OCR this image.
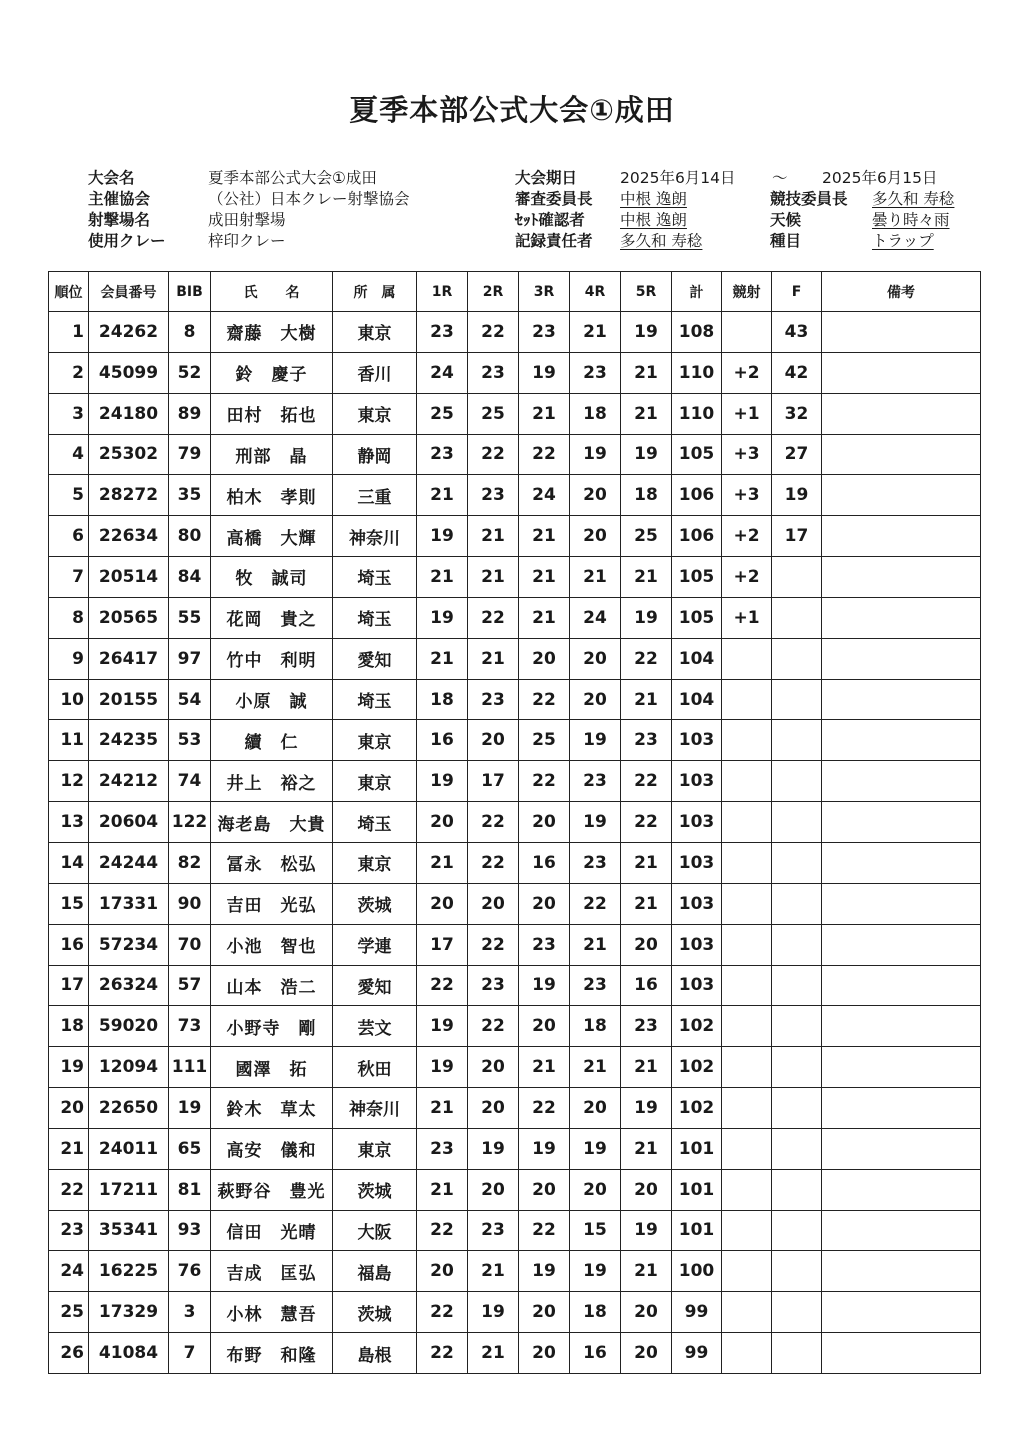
夏季本部公式大会①成田
大会名	夏季本部公式大会①成田
主催協会	（公社）日本クレー射撃協会
射撃場名	成田射撃場
使用クレー	梓印クレー
大会期日	2025年6月14日 ～ 2025年6月15日
審査委員長 中根 逸朗
ｾｯﾄ確認者 中根 逸朗
記録責任者 多久和 寿稔
競技委員長 多久和 寿稔
天候	曇り時々雨
種目	トラップ
順位	会員番号	BIB	氏　　名	所　属	1R	2R	3R	4R	5R	計	競射	F	備考
1	24262	8	齋藤　大樹	東京	23	22	23	21	19	108		43	
2	45099	52	鈴　慶子	香川	24	23	19	23	21	110	+2	42	
3	24180	89	田村　拓也	東京	25	25	21	18	21	110	+1	32	
4	25302	79	刑部　晶	静岡	23	22	22	19	19	105	+3	27	
5	28272	35	柏木　孝則	三重	21	23	24	20	18	106	+3	19	
6	22634	80	高橋　大輝	神奈川	19	21	21	20	25	106	+2	17	
7	20514	84	牧　誠司	埼玉	21	21	21	21	21	105	+2		
8	20565	55	花岡　貴之	埼玉	19	22	21	24	19	105	+1		
9	26417	97	竹中　利明	愛知	21	21	20	20	22	104			
10	20155	54	小原　誠	埼玉	18	23	22	20	21	104			
11	24235	53	續　仁	東京	16	20	25	19	23	103			
12	24212	74	井上　裕之	東京	19	17	22	23	22	103			
13	20604	122	海老島　大貴	埼玉	20	22	20	19	22	103			
14	24244	82	冨永　松弘	東京	21	22	16	23	21	103			
15	17331	90	吉田　光弘	茨城	20	20	20	22	21	103			
16	57234	70	小池　智也	学連	17	22	23	21	20	103			
17	26324	57	山本　浩二	愛知	22	23	19	23	16	103			
18	59020	73	小野寺　剛	芸文	19	22	20	18	23	102			
19	12094	111	國澤　拓	秋田	19	20	21	21	21	102			
20	22650	19	鈴木　草太	神奈川	21	20	22	20	19	102			
21	24011	65	高安　儀和	東京	23	19	19	19	21	101			
22	17211	81	萩野谷　豊光	茨城	21	20	20	20	20	101			
23	35341	93	信田　光晴	大阪	22	23	22	15	19	101			
24	16225	76	吉成　匡弘	福島	20	21	19	19	21	100			
25	17329	3	小林　慧吾	茨城	22	19	20	18	20	99			
26	41084	7	布野　和隆	島根	22	21	20	16	20	99			
